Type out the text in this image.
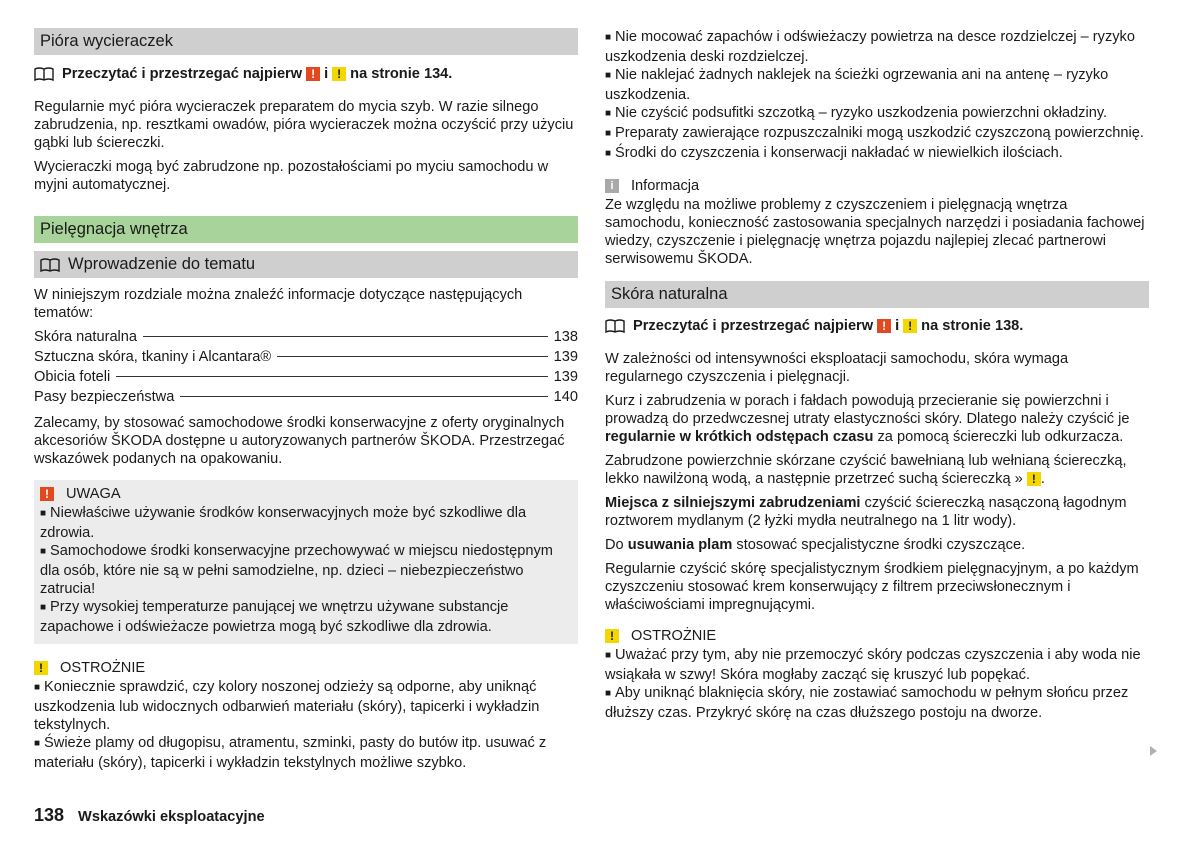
Pióra wycieraczek
Przeczytać i przestrzegać najpierw ! i ! na stronie 134.

Regularnie myć pióra wycieraczek preparatem do mycia szyb. W razie silnego zabrudzenia, np. resztkami owadów, pióra wycieraczek można oczyścić przy użyciu gąbki lub ściereczki.

Wycieraczki mogą być zabrudzone np. pozostałościami po myciu samochodu w myjni automatycznej.

Pielęgnacja wnętrza
Wprowadzenie do tematu

W niniejszym rozdziale można znaleźć informacje dotyczące następujących tematów:

Skóra naturalna	138
Sztuczna skóra, tkaniny i Alcantara®	139
Obicia foteli	139
Pasy bezpieczeństwa	140

Zalecamy, by stosować samochodowe środki konserwacyjne z oferty oryginalnych akcesoriów ŠKODA dostępne u autoryzowanych partnerów ŠKODA. Przestrzegać wskazówek podanych na opakowaniu.

!	UWAGA

■ Niewłaściwe używanie środków konserwacyjnych może być szkodliwe dla zdrowia.

■ Samochodowe środki konserwacyjne przechowywać w miejscu niedostępnym dla osób, które nie są w pełni samodzielne, np. dzieci – niebezpieczeństwo zatrucia!

■ Przy wysokiej temperaturze panującej we wnętrzu używane substancje zapachowe i odświeżacze powietrza mogą być szkodliwe dla zdrowia.

!	OSTROŻNIE

■ Koniecznie sprawdzić, czy kolory noszonej odzieży są odporne, aby uniknąć uszkodzenia lub widocznych odbarwień materiału (skóry), tapicerki i wykładzin tekstylnych.

■ Świeże plamy od długopisu, atramentu, szminki, pasty do butów itp. usuwać z materiału (skóry), tapicerki i wykładzin tekstylnych możliwe szybko.

■ Nie mocować zapachów i odświeżaczy powietrza na desce rozdzielczej – ryzyko uszkodzenia deski rozdzielczej.

■ Nie naklejać żadnych naklejek na ścieżki ogrzewania ani na antenę – ryzyko uszkodzenia.

■ Nie czyścić podsufitki szczotką – ryzyko uszkodzenia powierzchni okładziny.

■ Preparaty zawierające rozpuszczalniki mogą uszkodzić czyszczoną powierzchnię.

■ Środki do czyszczenia i konserwacji nakładać w niewielkich ilościach.

i	Informacja

Ze względu na możliwe problemy z czyszczeniem i pielęgnacją wnętrza samochodu, konieczność zastosowania specjalnych narzędzi i posiadania fachowej wiedzy, czyszczenie i pielęgnację wnętrza pojazdu najlepiej zlecać partnerowi serwisowemu ŠKODA.

Skóra naturalna
Przeczytać i przestrzegać najpierw ! i ! na stronie 138.

W zależności od intensywności eksploatacji samochodu, skóra wymaga regularnego czyszczenia i pielęgnacji.

Kurz i zabrudzenia w porach i fałdach powodują przecieranie się powierzchni i prowadzą do przedwczesnej utraty elastyczności skóry. Dlatego należy czyścić je regularnie w krótkich odstępach czasu za pomocą ściereczki lub odkurzacza.

Zabrudzone powierzchnie skórzane czyścić bawełnianą lub wełnianą ściereczką, lekko nawilżoną wodą, a następnie przetrzeć suchą ściereczką » ! .

Miejsca z silniejszymi zabrudzeniami czyścić ściereczką nasączoną łagodnym roztworem mydlanym (2 łyżki mydła neutralnego na 1 litr wody).

Do usuwania plam stosować specjalistyczne środki czyszczące.

Regularnie czyścić skórę specjalistycznym środkiem pielęgnacyjnym, a po każdym czyszczeniu stosować krem konserwujący z filtrem przeciwsłonecznym i właściwościami impregnującymi.

!	OSTROŻNIE

■ Uważać przy tym, aby nie przemoczyć skóry podczas czyszczenia i aby woda nie wsiąkała w szwy! Skóra mogłaby zacząć się kruszyć lub popękać.

■ Aby uniknąć blaknięcia skóry, nie zostawiać samochodu w pełnym słońcu przez dłuższy czas. Przykryć skórę na czas dłuższego postoju na dworze.

138 Wskazówki eksploatacyjne
